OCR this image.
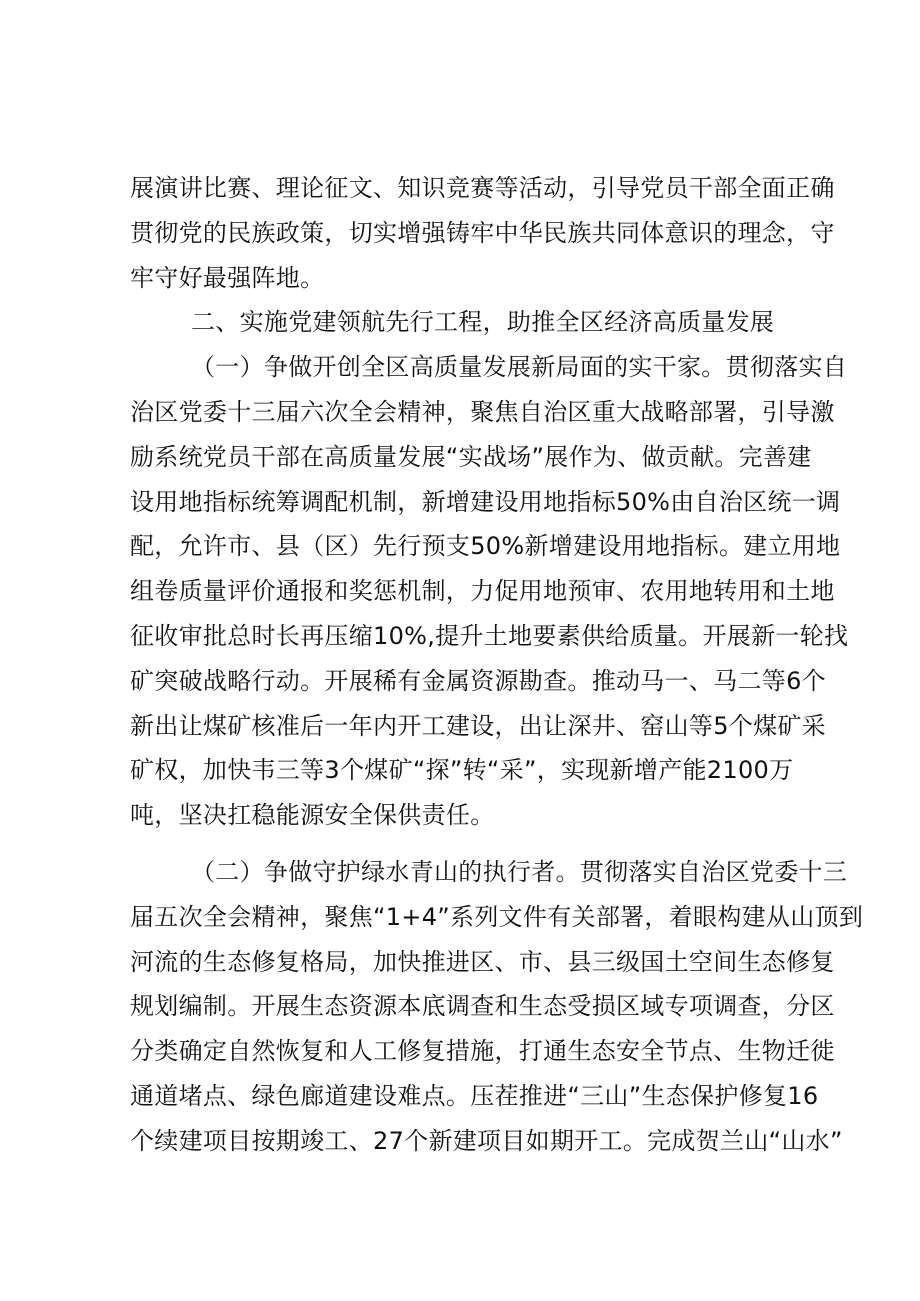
展演讲比赛、理论征文、知识竞赛等活动，引导党员干部全面正确
贯彻党的民族政策，切实增强铸牢中华民族共同体意识的理念，守
牢守好最强阵地。
二、实施党建领航先行工程，助推全区经济高质量发展
（一）争做开创全区高质量发展新局面的实干家。贯彻落实自
治区党委十三届六次全会精神，聚焦自治区重大战略部署，引导激
励系统党员干部在高质量发展“实战场”展作为、做贡献。完善建
设用地指标统筹调配机制，新增建设用地指标50%由自治区统一调
配，允许市、县（区）先行预支50%新增建设用地指标。建立用地
组卷质量评价通报和奖惩机制，力促用地预审、农用地转用和土地
征收审批总时长再压缩10%,提升土地要素供给质量。开展新一轮找
矿突破战略行动。开展稀有金属资源勘查。推动马一、马二等6个
新出让煤矿核准后一年内开工建设，出让深井、窑山等5个煤矿采
矿权，加快韦三等3个煤矿“探”转“采”，实现新增产能2100万
吨，坚决扛稳能源安全保供责任。
（二）争做守护绿水青山的执行者。贯彻落实自治区党委十三
届五次全会精神，聚焦“1+4”系列文件有关部署，着眼构建从山顶到
河流的生态修复格局，加快推进区、市、县三级国土空间生态修复
规划编制。开展生态资源本底调查和生态受损区域专项调查，分区
分类确定自然恢复和人工修复措施，打通生态安全节点、生物迁徙
通道堵点、绿色廊道建设难点。压茬推进“三山”生态保护修复16
个续建项目按期竣工、27个新建项目如期开工。完成贺兰山“山水”
